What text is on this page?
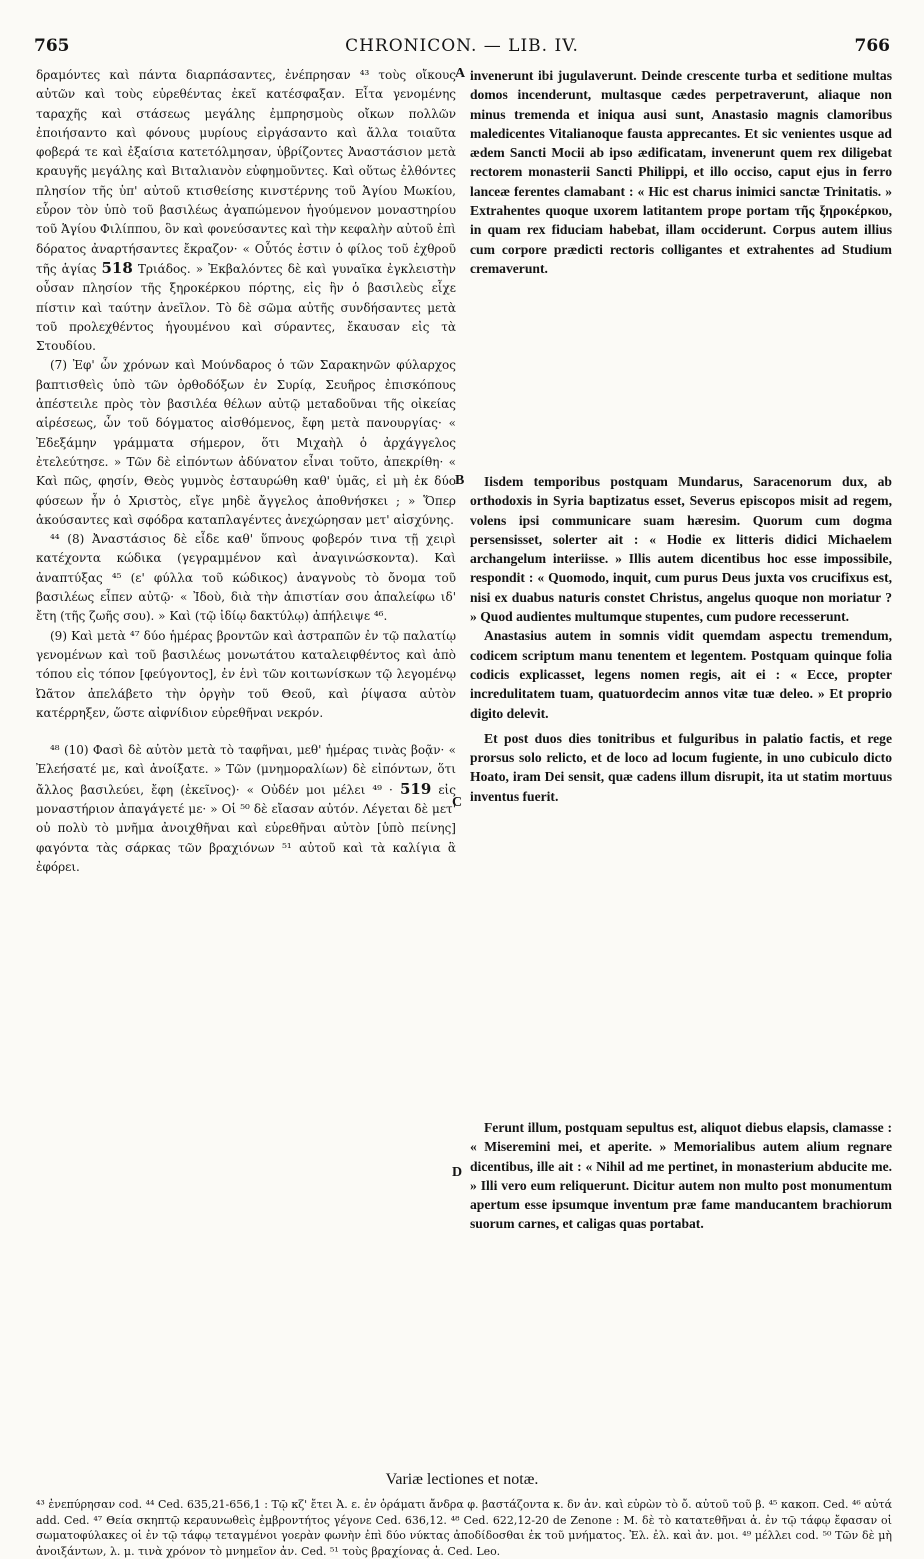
765	CHRONICON. — LIB. IV.	766

δραμόντες καὶ πάντα διαρπάσαντες, ἐνέπρησαν ⁴³ τοὺς οἴκους αὐτῶν καὶ τοὺς εὑρεθέντας ἐκεῖ κατέσφαξαν. Εἶτα γενομένης ταραχῆς καὶ στάσεως μεγάλης ἐμπρησμοὺς οἴκων πολλῶν ἐποιήσαντο καὶ φόνους μυρίους εἰργάσαντο καὶ ἄλλα τοιαῦτα φοβερά τε καὶ ἐξαίσια κατετόλμησαν, ὑβρίζοντες Ἀναστάσιον μετὰ κραυγῆς μεγάλης καὶ Βιταλιανὸν εὐφημοῦντες. Καὶ οὕτως ἐλθόντες πλησίον τῆς ὑπ' αὐτοῦ κτισθείσης κινστέρνης τοῦ Ἁγίου Μωκίου, εὗρον τὸν ὑπὸ τοῦ βασιλέως ἀγαπώμενον ἡγούμενον μοναστηρίου τοῦ Ἁγίου Φιλίππου, ὃν καὶ φονεύσαντες καὶ τὴν κεφαλὴν αὐτοῦ ἐπὶ δόρατος ἀναρτήσαντες ἔκραζον· « Οὗτός ἐστιν ὁ φίλος τοῦ ἐχθροῦ τῆς ἁγίας 518 Τριάδος. » Ἐκβαλόντες δὲ καὶ γυναῖκα ἐγκλειστὴν οὖσαν πλησίον τῆς ξηροκέρκου πόρτης, εἰς ἣν ὁ βασιλεὺς εἶχε πίστιν καὶ ταύτην ἀνεῖλον. Τὸ δὲ σῶμα αὐτῆς συνδήσαντες μετὰ τοῦ προλεχθέντος ἡγουμένου καὶ σύραντες, ἔκαυσαν εἰς τὰ Στουδίου.

(7) Ἐφ' ὧν χρόνων καὶ Μούνδαρος ὁ τῶν Σαρακηνῶν φύλαρχος βαπτισθεὶς ὑπὸ τῶν ὀρθοδόξων ἐν Συρίᾳ, Σευῆρος ἐπισκόπους ἀπέστειλε πρὸς τὸν βασιλέα θέλων αὐτῷ μεταδοῦναι τῆς οἰκείας αἱρέσεως, ὧν τοῦ δόγματος αἰσθόμενος, ἔφη μετὰ πανουργίας· « Ἐδεξάμην γράμματα σήμερον, ὅτι Μιχαὴλ ὁ ἀρχάγγελος ἐτελεύτησε. » Τῶν δὲ εἰπόντων ἀδύνατον εἶναι τοῦτο, ἀπεκρίθη· « Καὶ πῶς, φησίν, Θεὸς γυμνὸς ἐσταυρώθη καθ' ὑμᾶς, εἰ μὴ ἐκ δύο φύσεων ἦν ὁ Χριστὸς, εἴγε μηδὲ ἄγγελος ἀποθνήσκει ; » Ὅπερ ἀκούσαντες καὶ σφόδρα καταπλαγέντες ἀνεχώρησαν μετ' αἰσχύνης.

⁴⁴ (8) Ἀναστάσιος δὲ εἶδε καθ' ὕπνους φοβερόν τινα τῇ χειρὶ κατέχοντα κώδικα (γεγραμμένον καὶ ἀναγινώσκοντα). Καὶ ἀναπτύξας ⁴⁵ (ε' φύλλα τοῦ κώδικος) ἀναγνοὺς τὸ ὄνομα τοῦ βασιλέως εἶπεν αὐτῷ· « Ἰδοὺ, διὰ τὴν ἀπιστίαν σου ἀπαλείφω ιδ' ἔτη (τῆς ζωῆς σου). » Καὶ (τῷ ἰδίῳ δακτύλῳ) ἀπήλειψε ⁴⁶.

(9) Καὶ μετὰ ⁴⁷ δύο ἡμέρας βροντῶν καὶ ἀστραπῶν ἐν τῷ παλατίῳ γενομένων καὶ τοῦ βασιλέως μονωτάτου καταλειφθέντος καὶ ἀπὸ τόπου εἰς τόπον [φεύγοντος], ἐν ἑνὶ τῶν κοιτωνίσκων τῷ λεγομένῳ Ὠᾶτον ἀπελάβετο τὴν ὀργὴν τοῦ Θεοῦ, καὶ ῥίψασα αὐτὸν κατέρρηξεν, ὥστε αἰφνίδιον εὑρεθῆναι νεκρόν.

⁴⁸ (10) Φασὶ δὲ αὐτὸν μετὰ τὸ ταφῆναι, μεθ' ἡμέρας τινὰς βοᾷν· « Ἐλεήσατέ με, καὶ ἀνοίξατε. » Τῶν (μνημοραλίων) δὲ εἰπόντων, ὅτι ἄλλος βασιλεύει, ἔφη (ἐκεῖνος)· « Οὐδέν μοι μέλει ⁴⁹ · 519 εἰς μοναστήριον ἀπαγάγετέ με· » Οἱ ⁵⁰ δὲ εἴασαν αὐτόν. Λέγεται δὲ μετ' οὐ πολὺ τὸ μνῆμα ἀνοιχθῆναι καὶ εὑρεθῆναι αὐτὸν [ὑπὸ πείνης] φαγόντα τὰς σάρκας τῶν βραχιόνων ⁵¹ αὐτοῦ καὶ τὰ καλίγια ἃ ἐφόρει.

invenerunt ibi jugulaverunt. Deinde crescente turba et seditione multas domos incenderunt, multasque cædes perpetraverunt, aliaque non minus tremenda et iniqua ausi sunt, Anastasio magnis clamoribus maledicentes Vitalianoque fausta apprecantes. Et sic venientes usque ad ædem Sancti Mocii ab ipso ædificatam, invenerunt quem rex diligebat rectorem monasterii Sancti Philippi, et illo occiso, caput ejus in ferro lanceæ ferentes clamabant : « Hic est charus inimici sanctæ Trinitatis. » Extrahentes quoque uxorem latitantem prope portam τῆς ξηροκέρκου, in quam rex fiduciam habebat, illam occiderunt. Corpus autem illius cum corpore prædicti rectoris colligantes et extrahentes ad Studium cremaverunt.

Iisdem temporibus postquam Mundarus, Saracenorum dux, ab orthodoxis in Syria baptizatus esset, Severus episcopos misit ad regem, volens ipsi communicare suam hæresim. Quorum cum dogma persensisset, solerter ait : « Hodie ex litteris didici Michaelem archangelum interiisse. » Illis autem dicentibus hoc esse impossibile, respondit : « Quomodo, inquit, cum purus Deus juxta vos crucifixus est, nisi ex duabus naturis constet Christus, angelus quoque non moriatur ? » Quod audientes multumque stupentes, cum pudore recesserunt.

Anastasius autem in somnis vidit quemdam aspectu tremendum, codicem scriptum manu tenentem et legentem. Postquam quinque folia codicis explicasset, legens nomen regis, ait ei : « Ecce, propter incredulitatem tuam, quatuordecim annos vitæ tuæ deleo. » Et proprio digito delevit.

Et post duos dies tonitribus et fulguribus in palatio factis, et rege prorsus solo relicto, et de loco ad locum fugiente, in uno cubiculo dicto Hoato, iram Dei sensit, quæ cadens illum disrupit, ita ut statim mortuus inventus fuerit.

Ferunt illum, postquam sepultus est, aliquot diebus elapsis, clamasse : « Miseremini mei, et aperite. » Memorialibus autem alium regnare dicentibus, ille ait : « Nihil ad me pertinet, in monasterium abducite me. » Illi vero eum reliquerunt. Dicitur autem non multo post monumentum apertum esse ipsumque inventum præ fame manducantem brachiorum suorum carnes, et caligas quas portabat.

A
B
C
D
Variæ lectiones et notæ.

⁴³ ἐνεπύρησαν cod. ⁴⁴ Ced. 635,21-656,1 : Τῷ κζ' ἔτει Ἀ. ε. ἐν ὁράματι ἄνδρα φ. βαστάζοντα κ. δν ἀν. καὶ εὑρὼν τὸ ὄ. αὐτοῦ τοῦ β. ⁴⁵ κακοπ. Ced. ⁴⁶ αὐτά add. Ced. ⁴⁷ Θεία σκηπτῷ κεραυνωθεὶς ἐμβροντήτος γέγονε Ced. 636,12. ⁴⁸ Ced. 622,12-20 de Zenone : Μ. δὲ τὸ κατατεθῆναι ἀ. ἐν τῷ τάφῳ ἔφασαν οἱ σωματοφύλακες οἱ ἐν τῷ τάφῳ τεταγμένοι γοερὰν φωνὴν ἐπὶ δύο νύκτας ἀποδίδοσθαι ἐκ τοῦ μνήματος. Ἐλ. ἐλ. καὶ ἀν. μοι. ⁴⁹ μέλλει cod. ⁵⁰ Τῶν δὲ μὴ ἀνοιξάντων, λ. μ. τινὰ χρόνον τὸ μνημεῖον ἀν. Ced. ⁵¹ τοὺς βραχίονας ἀ. Ced. Leo.
